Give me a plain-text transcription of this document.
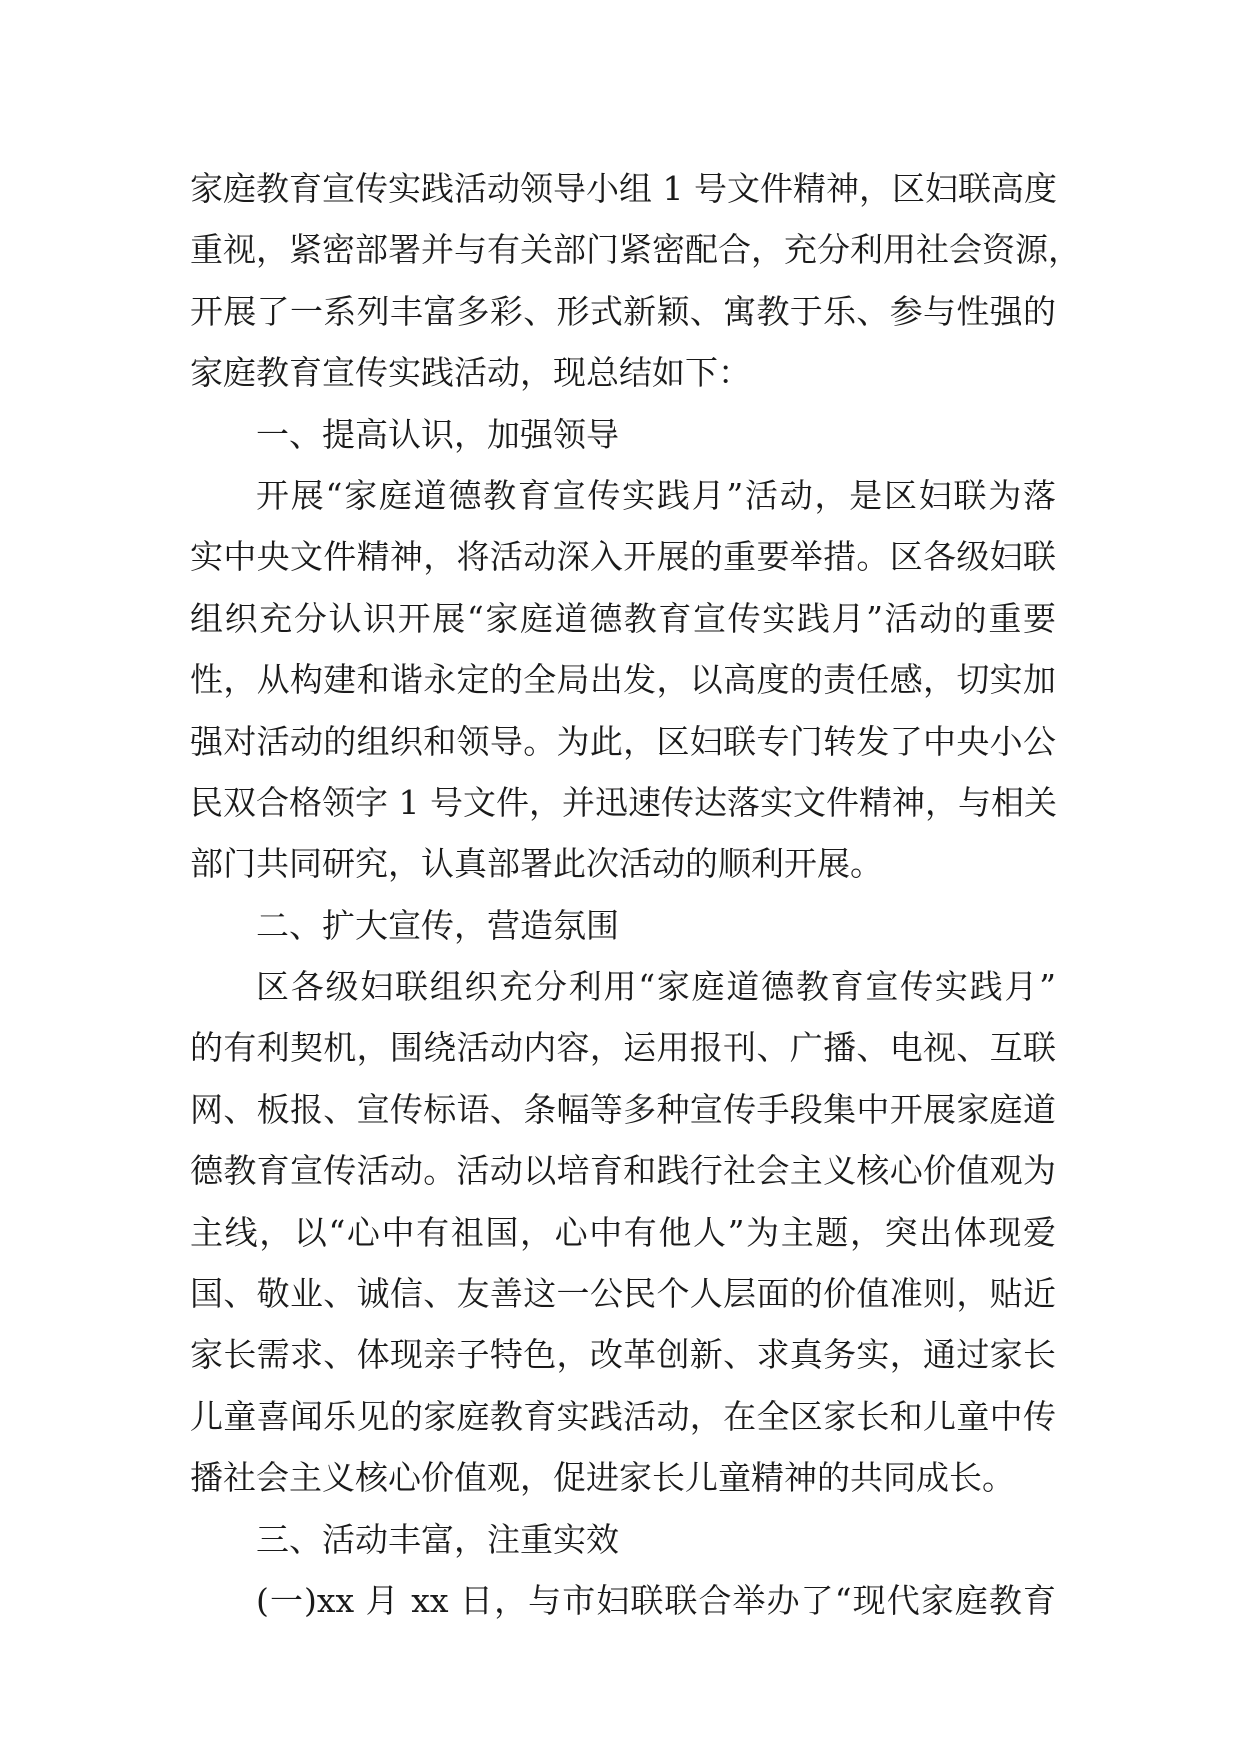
家庭教育宣传实践活动领导小组 1 号文件精神，区妇联高度
重视，紧密部署并与有关部门紧密配合，充分利用社会资源，
开展了一系列丰富多彩、形式新颖、寓教于乐、参与性强的
家庭教育宣传实践活动，现总结如下：
一、提高认识，加强领导
开展“家庭道德教育宣传实践月”活动，是区妇联为落
实中央文件精神，将活动深入开展的重要举措。区各级妇联
组织充分认识开展“家庭道德教育宣传实践月”活动的重要
性，从构建和谐永定的全局出发，以高度的责任感，切实加
强对活动的组织和领导。为此，区妇联专门转发了中央小公
民双合格领字 1 号文件，并迅速传达落实文件精神，与相关
部门共同研究，认真部署此次活动的顺利开展。
二、扩大宣传，营造氛围
区各级妇联组织充分利用“家庭道德教育宣传实践月”
的有利契机，围绕活动内容，运用报刊、广播、电视、互联
网、板报、宣传标语、条幅等多种宣传手段集中开展家庭道
德教育宣传活动。活动以培育和践行社会主义核心价值观为
主线，以“心中有祖国，心中有他人”为主题，突出体现爱
国、敬业、诚信、友善这一公民个人层面的价值准则，贴近
家长需求、体现亲子特色，改革创新、求真务实，通过家长
儿童喜闻乐见的家庭教育实践活动，在全区家长和儿童中传
播社会主义核心价值观，促进家长儿童精神的共同成长。
三、活动丰富，注重实效
(一)xx 月 xx 日，与市妇联联合举办了“现代家庭教育
